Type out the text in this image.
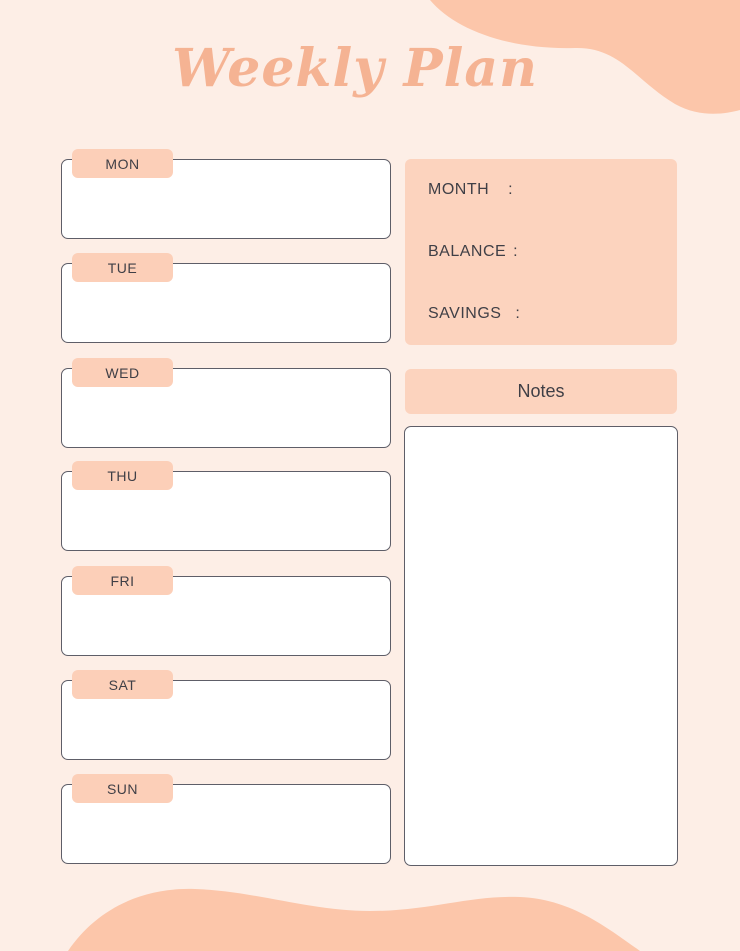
Weekly Plan
MON
TUE
WED
THU
FRI
SAT
SUN
MONTH :
BALANCE :
SAVINGS :
Notes
